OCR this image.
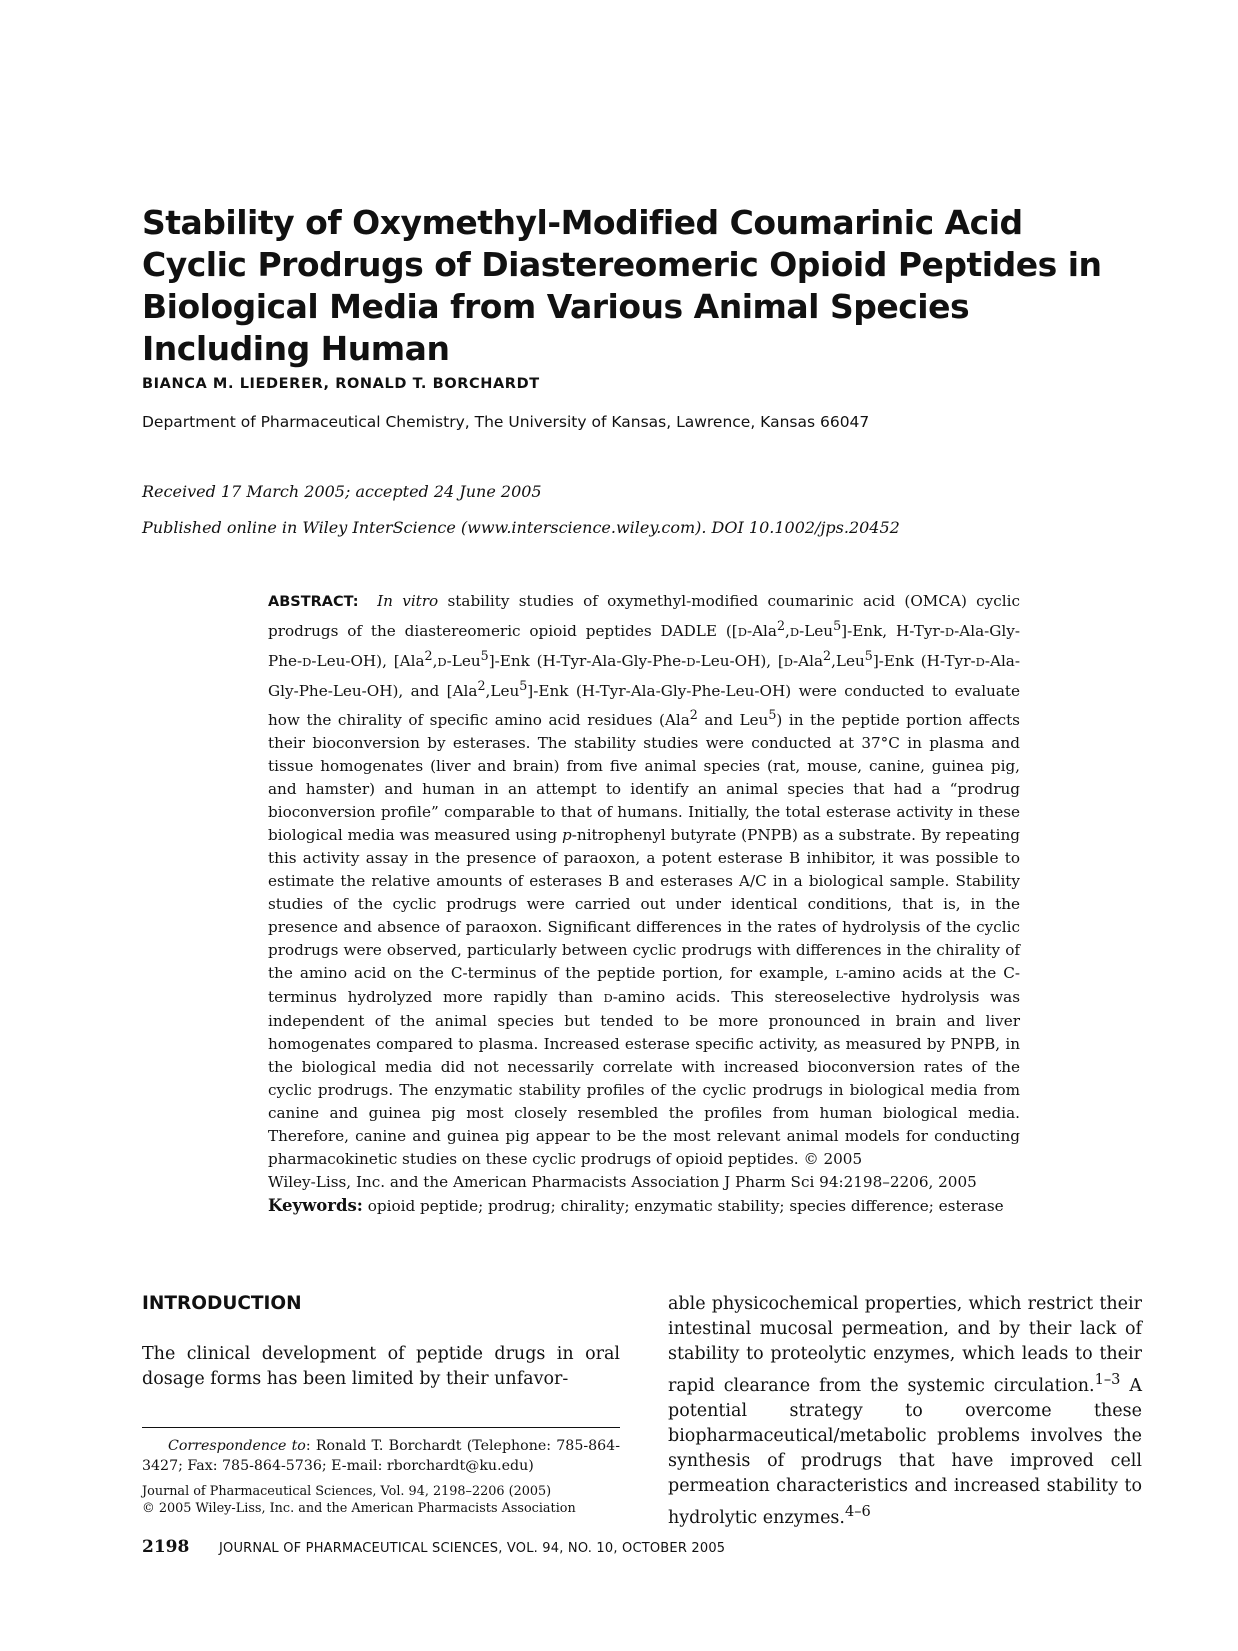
Stability of Oxymethyl-Modified Coumarinic Acid Cyclic Prodrugs of Diastereomeric Opioid Peptides in Biological Media from Various Animal Species Including Human
BIANCA M. LIEDERER, RONALD T. BORCHARDT
Department of Pharmaceutical Chemistry, The University of Kansas, Lawrence, Kansas 66047
Received 17 March 2005; accepted 24 June 2005
Published online in Wiley InterScience (www.interscience.wiley.com). DOI 10.1002/jps.20452
ABSTRACT: In vitro stability studies of oxymethyl-modified coumarinic acid (OMCA) cyclic prodrugs of the diastereomeric opioid peptides DADLE ([D-Ala$^2$,D-Leu$^5$]-Enk, H-Tyr-D-Ala-Gly-Phe-D-Leu-OH), [Ala$^2$,D-Leu$^5$]-Enk (H-Tyr-Ala-Gly-Phe-D-Leu-OH), [D-Ala$^2$,Leu$^5$]-Enk (H-Tyr-D-Ala-Gly-Phe-Leu-OH), and [Ala$^2$,Leu$^5$]-Enk (H-Tyr-Ala-Gly-Phe-Leu-OH) were conducted to evaluate how the chirality of specific amino acid residues (Ala$^2$ and Leu$^5$) in the peptide portion affects their bioconversion by esterases. The stability studies were conducted at 37°C in plasma and tissue homogenates (liver and brain) from five animal species (rat, mouse, canine, guinea pig, and hamster) and human in an attempt to identify an animal species that had a “prodrug bioconversion profile” comparable to that of humans. Initially, the total esterase activity in these biological media was measured using p-nitrophenyl butyrate (PNPB) as a substrate. By repeating this activity assay in the presence of paraoxon, a potent esterase B inhibitor, it was possible to estimate the relative amounts of esterases B and esterases A/C in a biological sample. Stability studies of the cyclic prodrugs were carried out under identical conditions, that is, in the presence and absence of paraoxon. Significant differences in the rates of hydrolysis of the cyclic prodrugs were observed, particularly between cyclic prodrugs with differences in the chirality of the amino acid on the C-terminus of the peptide portion, for example, L-amino acids at the C-terminus hydrolyzed more rapidly than D-amino acids. This stereoselective hydrolysis was independent of the animal species but tended to be more pronounced in brain and liver homogenates compared to plasma. Increased esterase specific activity, as measured by PNPB, in the biological media did not necessarily correlate with increased bioconversion rates of the cyclic prodrugs. The enzymatic stability profiles of the cyclic prodrugs in biological media from canine and guinea pig most closely resembled the profiles from human biological media. Therefore, canine and guinea pig appear to be the most relevant animal models for conducting pharmacokinetic studies on these cyclic prodrugs of opioid peptides. © 2005
Wiley-Liss, Inc. and the American Pharmacists Association J Pharm Sci 94:2198–2206, 2005
Keywords: opioid peptide; prodrug; chirality; enzymatic stability; species difference; esterase
INTRODUCTION
The clinical development of peptide drugs in oral dosage forms has been limited by their unfavor-
Correspondence to: Ronald T. Borchardt (Telephone: 785-864-3427; Fax: 785-864-5736; E-mail: rborchardt@ku.edu)
Journal of Pharmaceutical Sciences, Vol. 94, 2198–2206 (2005)
© 2005 Wiley-Liss, Inc. and the American Pharmacists Association
able physicochemical properties, which restrict their intestinal mucosal permeation, and by their lack of stability to proteolytic enzymes, which leads to their rapid clearance from the systemic circulation.$^{1-3}$ A potential strategy to overcome these biopharmaceutical/metabolic problems involves the synthesis of prodrugs that have improved cell permeation characteristics and increased stability to hydrolytic enzymes.$^{4-6}$
2198 JOURNAL OF PHARMACEUTICAL SCIENCES, VOL. 94, NO. 10, OCTOBER 2005
